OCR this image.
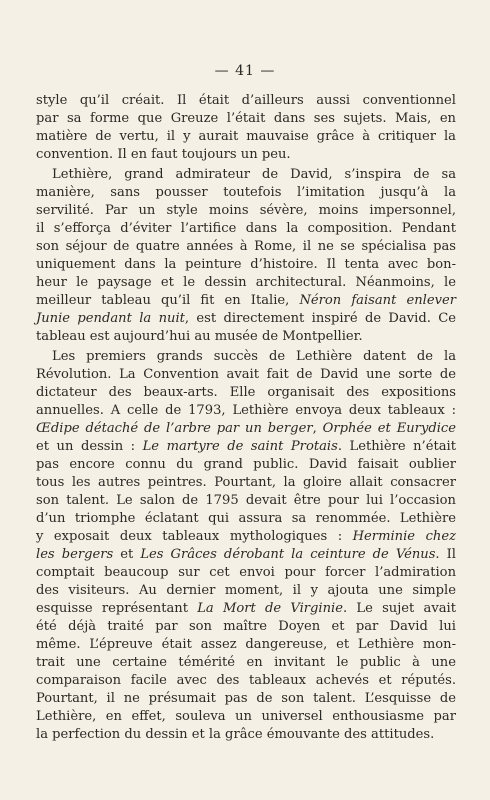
— 41 —
style qu’il créait. Il était d’ailleurs aussi conventionnel
par sa forme que Greuze l’était dans ses sujets. Mais, en
matière de vertu, il y aurait mauvaise grâce à critiquer la
convention. Il en faut toujours un peu.
Lethière, grand admirateur de David, s’inspira de sa
manière, sans pousser toutefois l’imitation jusqu’à la
servilité. Par un style moins sévère, moins impersonnel,
il s’efforça d’éviter l’artifice dans la composition. Pendant
son séjour de quatre années à Rome, il ne se spécialisa pas
uniquement dans la peinture d’histoire. Il tenta avec bon-
heur le paysage et le dessin architectural. Néanmoins, le
meilleur tableau qu’il fit en Italie, Néron faisant enlever
Junie pendant la nuit, est directement inspiré de David. Ce
tableau est aujourd’hui au musée de Montpellier.
Les premiers grands succès de Lethière datent de la
Révolution. La Convention avait fait de David une sorte de
dictateur des beaux-arts. Elle organisait des expositions
annuelles. A celle de 1793, Lethière envoya deux tableaux :
Œdipe détaché de l’arbre par un berger, Orphée et Eurydice
et un dessin : Le martyre de saint Protais. Lethière n’était
pas encore connu du grand public. David faisait oublier
tous les autres peintres. Pourtant, la gloire allait consacrer
son talent. Le salon de 1795 devait être pour lui l’occasion
d’un triomphe éclatant qui assura sa renommée. Lethière
y exposait deux tableaux mythologiques : Herminie chez
les bergers et Les Grâces dérobant la ceinture de Vénus. Il
comptait beaucoup sur cet envoi pour forcer l’admiration
des visiteurs. Au dernier moment, il y ajouta une simple
esquisse représentant La Mort de Virginie. Le sujet avait
été déjà traité par son maître Doyen et par David lui
même. L’épreuve était assez dangereuse, et Lethière mon-
trait une certaine témérité en invitant le public à une
comparaison facile avec des tableaux achevés et réputés.
Pourtant, il ne présumait pas de son talent. L’esquisse de
Lethière, en effet, souleva un universel enthousiasme par
la perfection du dessin et la grâce émouvante des attitudes.
